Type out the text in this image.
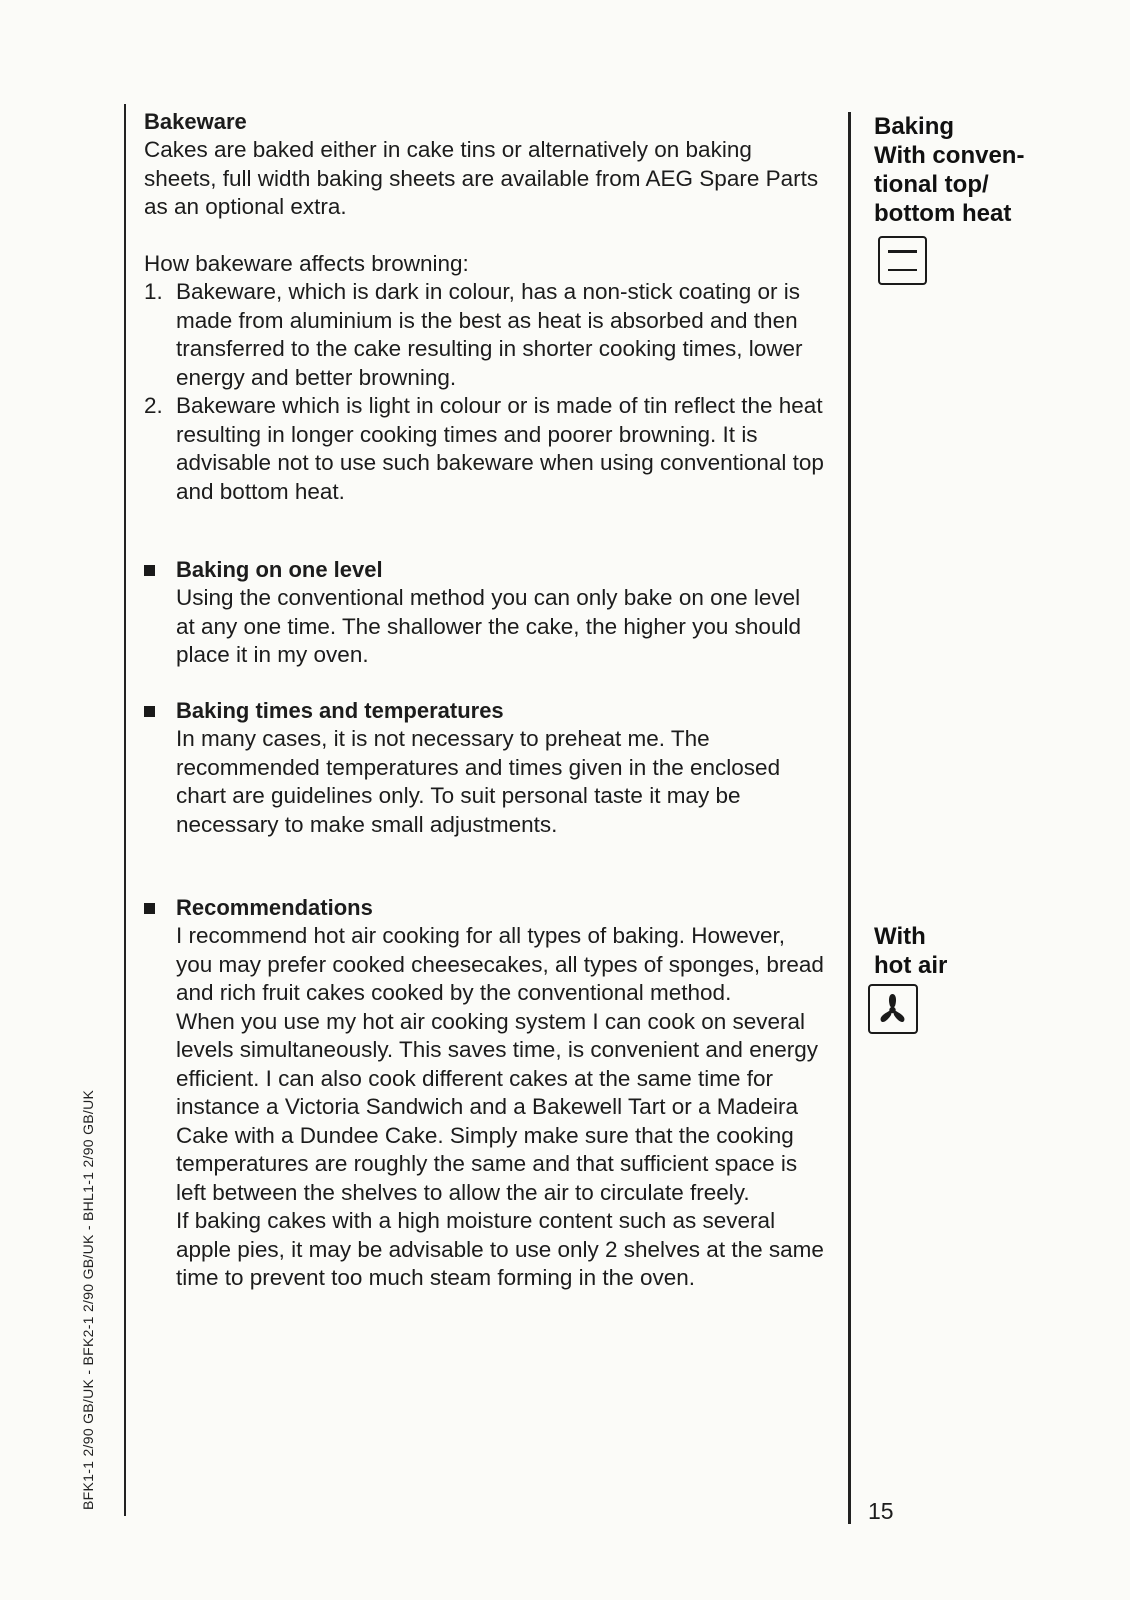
BFK1-1 2/90 GB/UK - BFK2-1 2/90 GB/UK - BHL1-1 2/90 GB/UK
Bakeware

Cakes are baked either in cake tins or alternatively on baking sheets, full width baking sheets are available from AEG Spare Parts as an optional extra.

How bakeware affects browning:

1. Bakeware, which is dark in colour, has a non-stick coating or is made from aluminium is the best as heat is absorbed and then transferred to the cake resulting in shorter cooking times, lower energy and better browning.
2. Bakeware which is light in colour or is made of tin reflect the heat resulting in longer cooking times and poorer browning. It is advisable not to use such bakeware when using conventional top and bottom heat.
Baking on one level

Using the conventional method you can only bake on one level at any one time. The shallower the cake, the higher you should place it in my oven.

Baking times and temperatures

In many cases, it is not necessary to preheat me. The recommended temperatures and times given in the enclosed chart are guidelines only. To suit personal taste it may be necessary to make small adjustments.

Recommendations

I recommend hot air cooking for all types of baking. However, you may prefer cooked cheesecakes, all types of sponges, bread and rich fruit cakes cooked by the conventional method.

When you use my hot air cooking system I can cook on several levels simultaneously. This saves time, is convenient and energy efficient. I can also cook different cakes at the same time for instance a Victoria Sandwich and a Bakewell Tart or a Madeira Cake with a Dundee Cake. Simply make sure that the cooking temperatures are roughly the same and that sufficient space is left between the shelves to allow the air to circulate freely.

If baking cakes with a high moisture content such as several apple pies, it may be advisable to use only 2 shelves at the same time to prevent too much steam forming in the oven.

Baking
With conven-
tional top/
bottom heat
With
hot air
15
